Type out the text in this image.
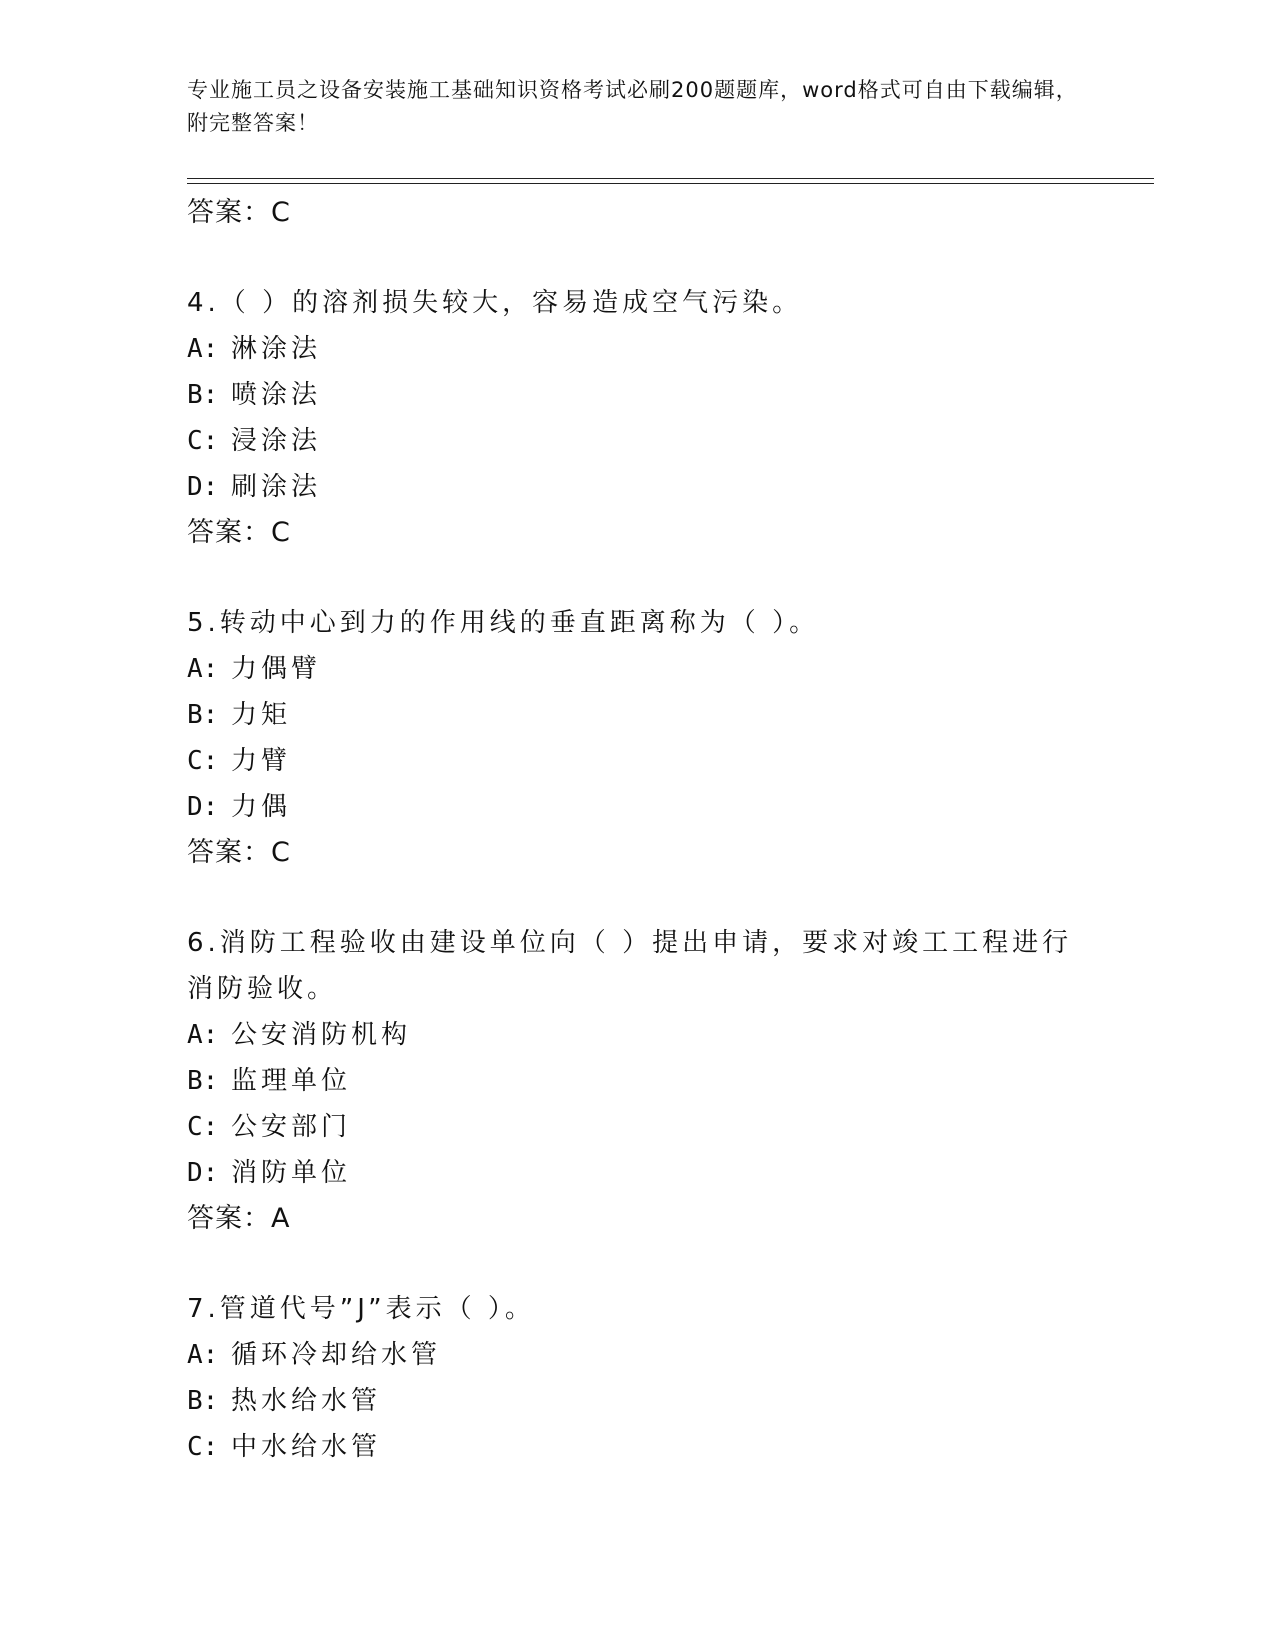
专业施工员之设备安装施工基础知识资格考试必刷200题题库，word格式可自由下载编辑，附完整答案！
答案：C
4.（ ）的溶剂损失较大，容易造成空气污染。
A: 淋涂法
B: 喷涂法
C: 浸涂法
D: 刷涂法
答案：C
5.转动中心到力的作用线的垂直距离称为（ ）。
A: 力偶臂
B: 力矩
C: 力臂
D: 力偶
答案：C
6.消防工程验收由建设单位向（ ）提出申请，要求对竣工工程进行消防验收。
A: 公安消防机构
B: 监理单位
C: 公安部门
D: 消防单位
答案：A
7.管道代号”J”表示（ ）。
A: 循环冷却给水管
B: 热水给水管
C: 中水给水管
